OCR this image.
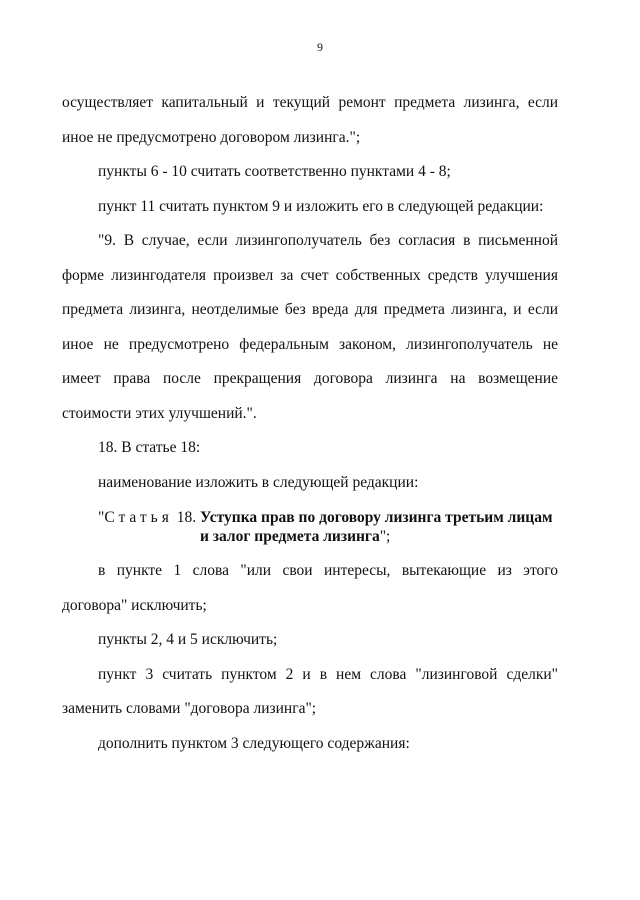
9

осуществляет капитальный и текущий ремонт предмета лизинга, если иное не предусмотрено договором лизинга.";

пункты 6 - 10 считать соответственно пунктами 4 - 8;

пункт 11 считать пунктом 9 и изложить его в следующей редакции:

"9. В случае, если лизингополучатель без согласия в письменной форме лизингодателя произвел за счет собственных средств улучшения предмета лизинга, неотделимые без вреда для предмета лизинга, и если иное не предусмотрено федеральным законом, лизингополучатель не имеет права после прекращения договора лизинга на возмещение стоимости этих улучшений.".

18. В статье 18:

наименование изложить в следующей редакции:

"Статья 18. Уступка прав по договору лизинга третьим лицам
и залог предмета лизинга";

в пункте 1 слова "или свои интересы, вытекающие из этого договора" исключить;

пункты 2, 4 и 5 исключить;

пункт 3 считать пунктом 2 и в нем слова "лизинговой сделки" заменить словами "договора лизинга";

дополнить пунктом 3 следующего содержания:
